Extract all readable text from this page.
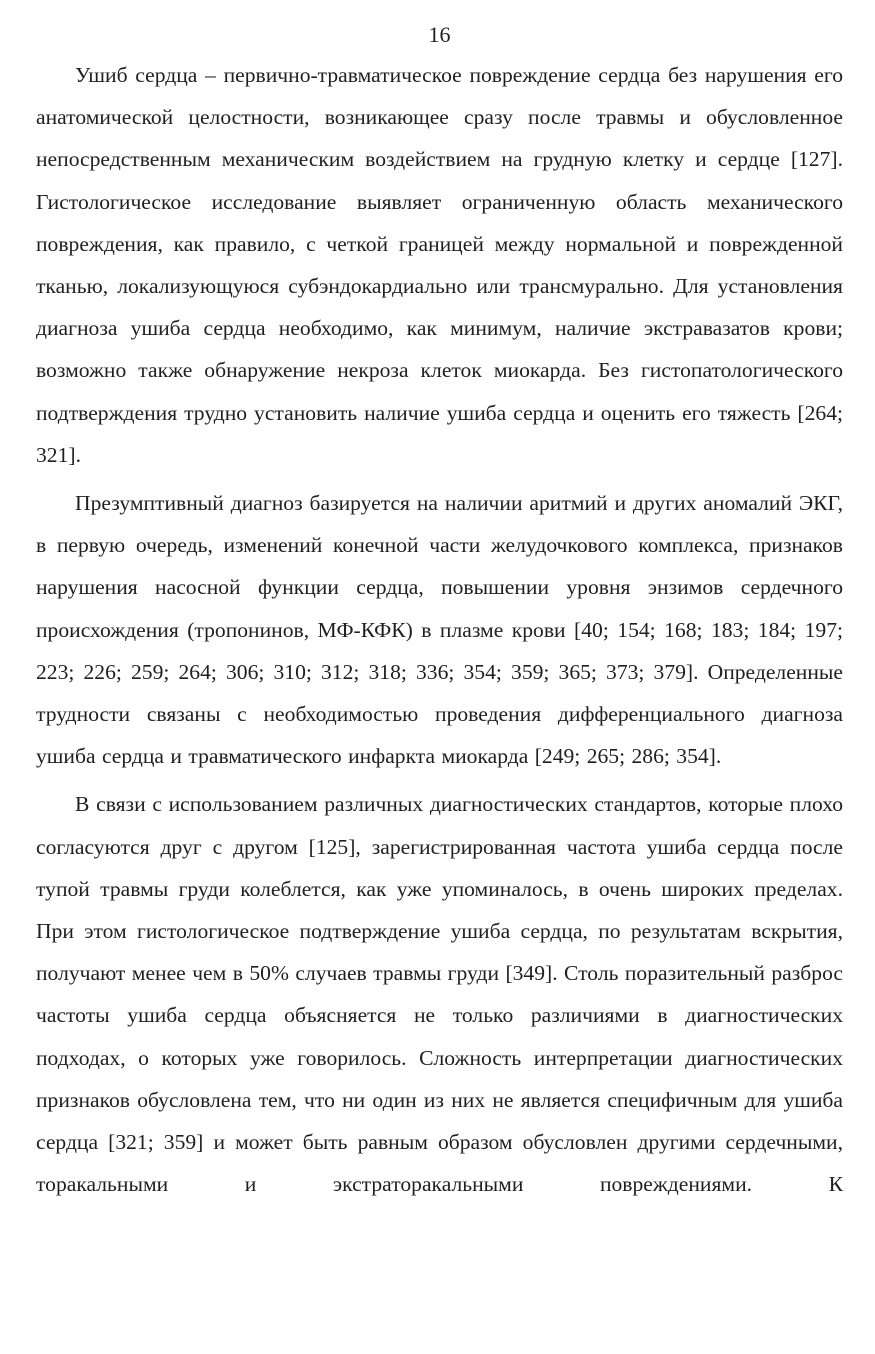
16

Ушиб сердца – первично-травматическое повреждение сердца без нарушения его анатомической целостности, возникающее сразу после травмы и обусловленное непосредственным механическим воздействием на грудную клетку и сердце [127]. Гистологическое исследование выявляет ограниченную область механического повреждения, как правило, с четкой границей между нормальной и поврежденной тканью, локализующуюся субэндокардиально или трансмурально. Для установления диагноза ушиба сердца необходимо, как минимум, наличие экстравазатов крови; возможно также обнаружение некроза клеток миокарда. Без гистопатологического подтверждения трудно установить наличие ушиба сердца и оценить его тяжесть [264; 321].

Презумптивный диагноз базируется на наличии аритмий и других аномалий ЭКГ, в первую очередь, изменений конечной части желудочкового комплекса, признаков нарушения насосной функции сердца, повышении уровня энзимов сердечного происхождения (тропонинов, МФ-КФК) в плазме крови [40; 154; 168; 183; 184; 197; 223; 226; 259; 264; 306; 310; 312; 318; 336; 354; 359; 365; 373; 379]. Определенные трудности связаны с необходимостью проведения дифференциального диагноза ушиба сердца и травматического инфаркта миокарда [249; 265; 286; 354].

В связи с использованием различных диагностических стандартов, которые плохо согласуются друг с другом [125], зарегистрированная частота ушиба сердца после тупой травмы груди колеблется, как уже упоминалось, в очень широких пределах. При этом гистологическое подтверждение ушиба сердца, по результатам вскрытия, получают менее чем в 50% случаев травмы груди [349]. Столь поразительный разброс частоты ушиба сердца объясняется не только различиями в диагностических подходах, о которых уже говорилось. Сложность интерпретации диагностических признаков обусловлена тем, что ни один из них не является специфичным для ушиба сердца [321; 359] и может быть равным образом обусловлен другими сердечными, торакальными и экстраторакальными повреждениями. К
